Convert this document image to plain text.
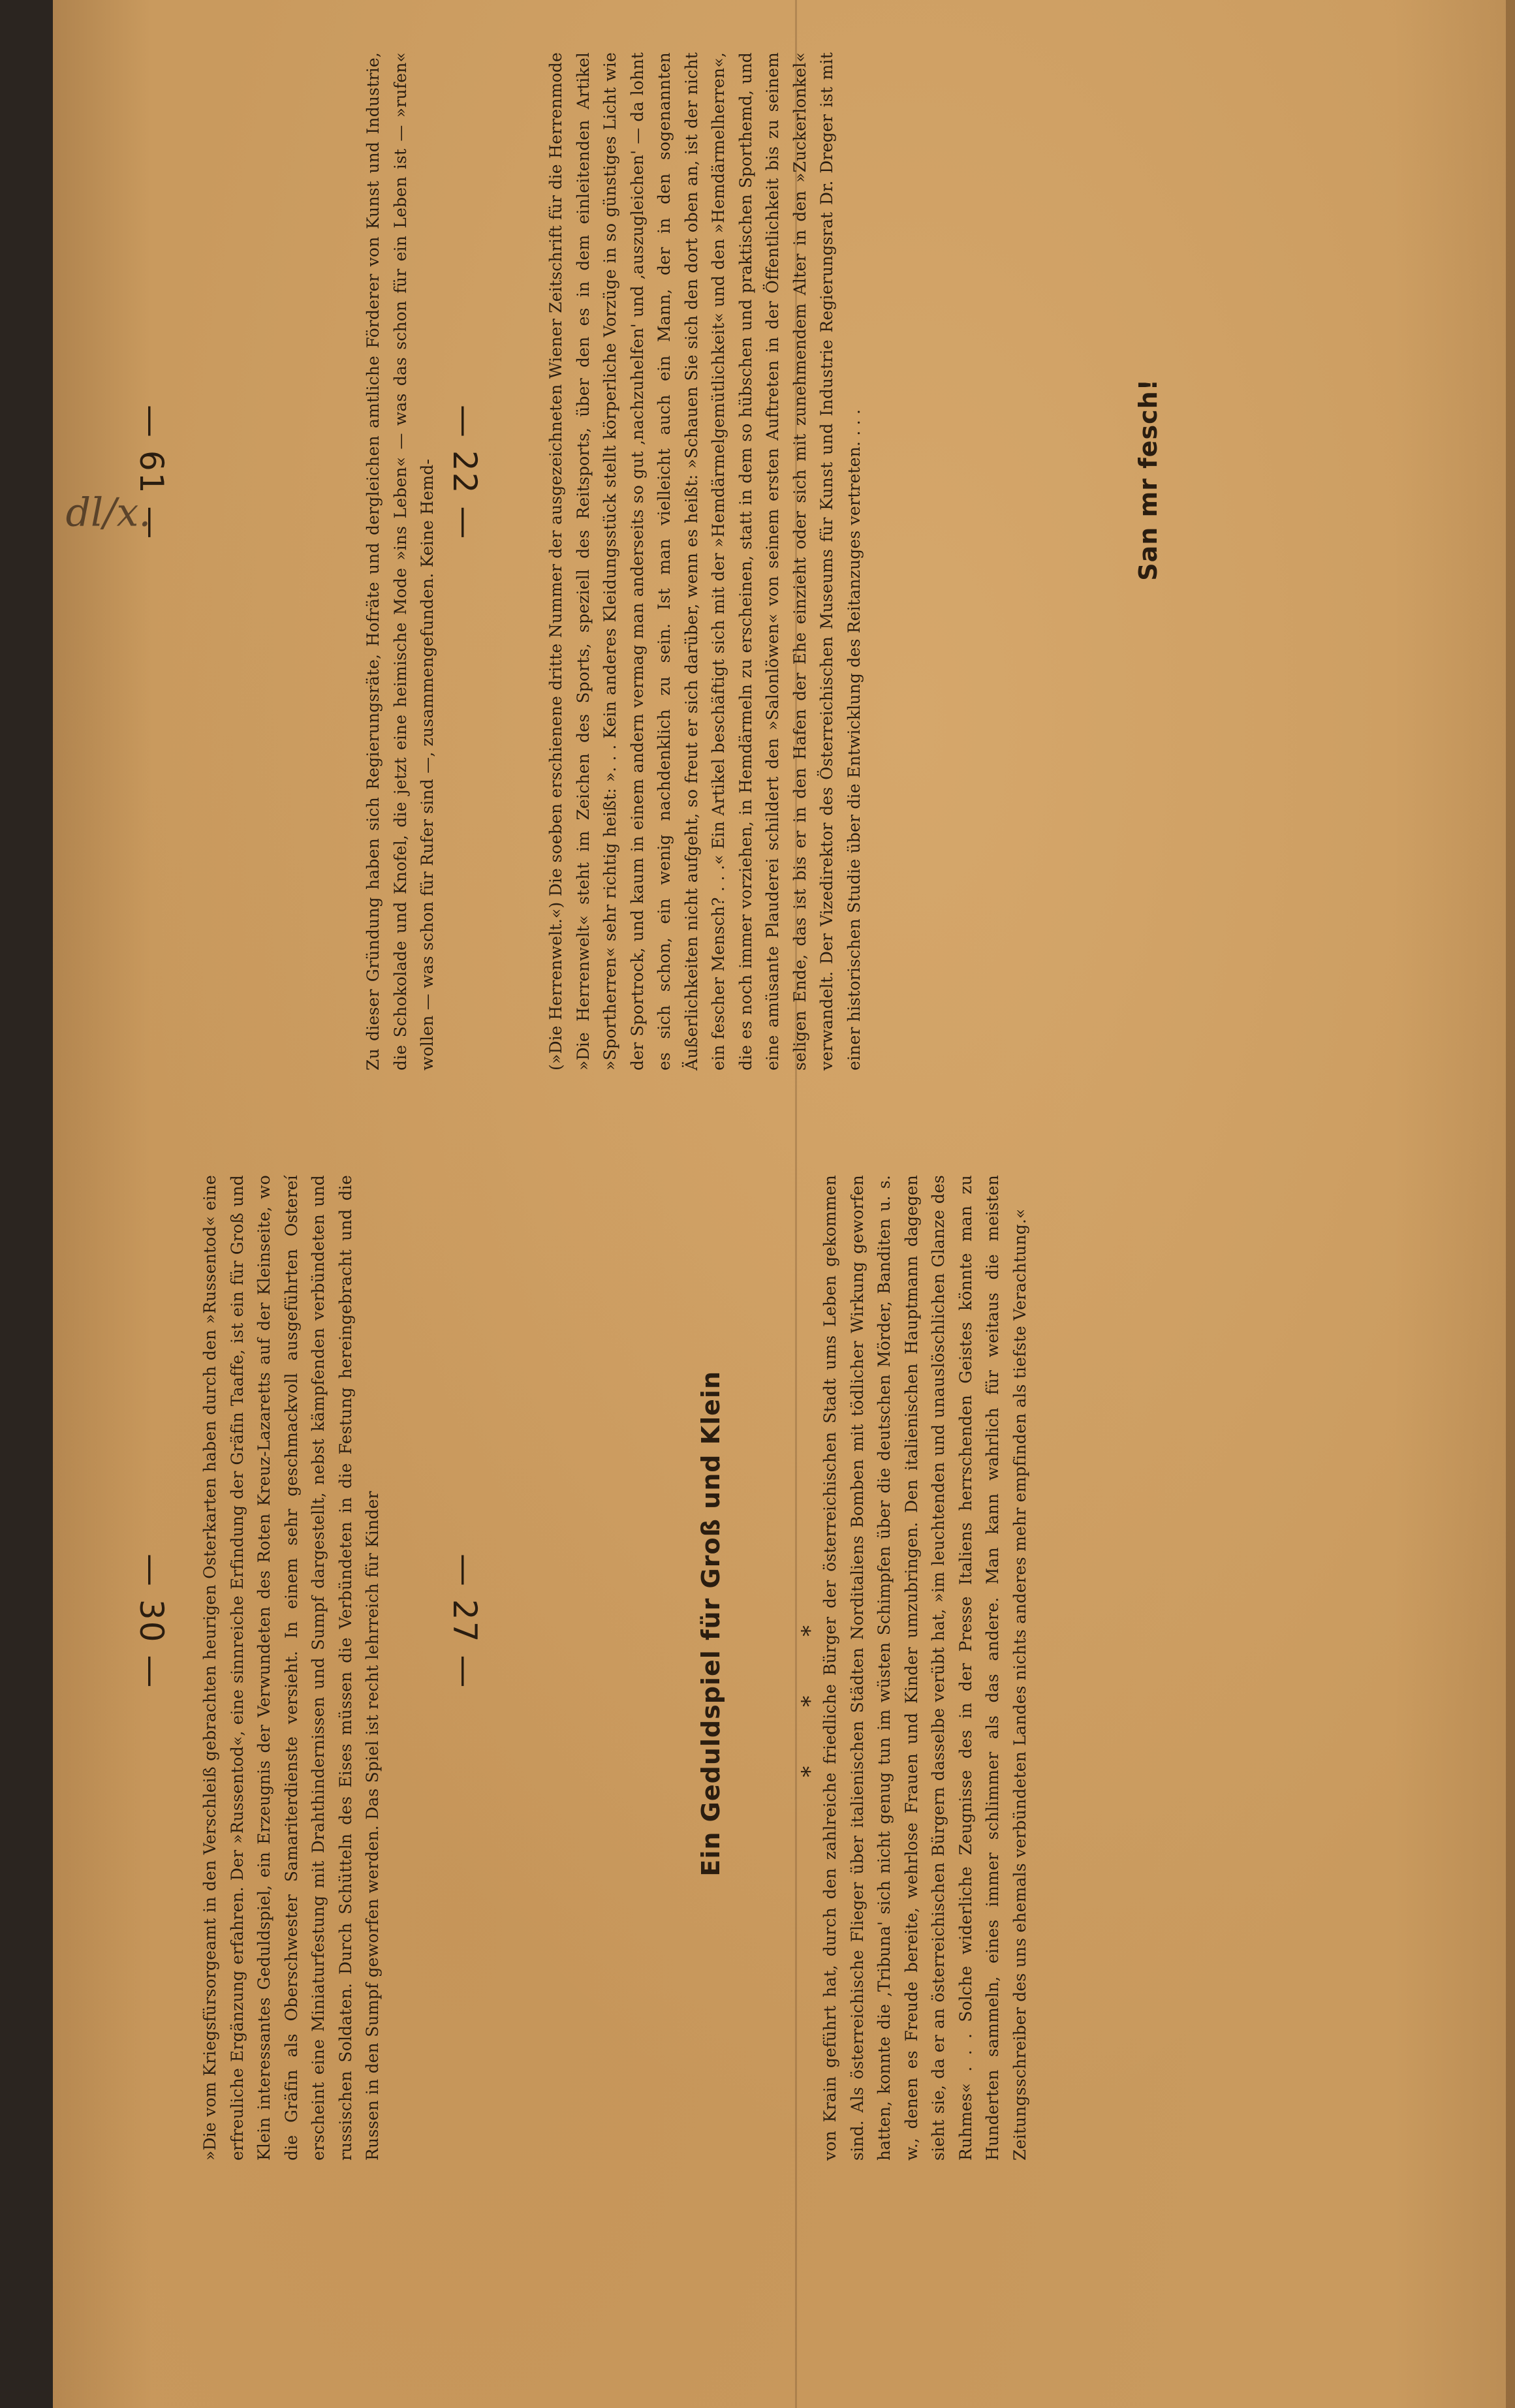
San mr fesch!
(»Die Herrenwelt.«) Die soeben erschienene dritte Nummer der ausgezeichneten Wiener Zeitschrift für die Herrenmode »Die Herrenwelt« steht im Zeichen des Sports, speziell des Reitsports, über den es in dem einleitenden Artikel »Sportherren« sehr richtig heißt: ». . . Kein anderes Kleidungsstück stellt körperliche Vorzüge in so günstiges Licht wie der Sportrock, und kaum in einem andern vermag man anderseits so gut ‚nachzuhelfen' und ‚auszugleichen' — da lohnt es sich schon, ein wenig nachdenklich zu sein. Ist man vielleicht auch ein Mann, der in den sogenannten Äußerlichkeiten nicht aufgeht, so freut er sich darüber, wenn es heißt: »Schauen Sie sich den dort oben an, ist der nicht ein fescher Mensch? . . .« Ein Artikel beschäftigt sich mit der »Hemdärmelgemütlichkeit« und den »Hemdärmelherren«, die es noch immer vorziehen, in Hemdärmeln zu erscheinen, statt in dem so hübschen und praktischen Sporthemd, und eine amüsante Plauderei schildert den »Salonlöwen« von seinem ersten Auftreten in der Öffentlichkeit bis zu seinem seligen Ende, das ist bis er in den Hafen der Ehe einzieht oder sich mit zunehmendem Alter in den »Zuckerlonkel« verwandelt. Der Vizedirektor des Österreichischen Museums für Kunst und Industrie Regierungsrat Dr. Dreger ist mit einer historischen Studie über die Entwicklung des Reitanzuges vertreten. . . .
Zu dieser Gründung haben sich Regierungsräte, Hofräte und dergleichen amtliche Förderer von Kunst und Industrie, die Schokolade und Knofel, die jetzt eine heimische Mode »ins Leben« — was das schon für ein Leben ist — »rufen« wollen — was schon für Rufer sind —, zusammengefunden. Keine Hemd-
von Krain geführt hat, durch den zahlreiche friedliche Bürger der österreichischen Stadt ums Leben gekommen sind. Als österreichische Flieger über italienischen Städten Norditaliens Bomben mit tödlicher Wirkung geworfen hatten, konnte die ‚Tribuna' sich nicht genug tun im wüsten Schimpfen über die deutschen Mörder, Banditen u. s. w., denen es Freude bereite, wehrlose Frauen und Kinder umzubringen. Den italienischen Hauptmann dagegen sieht sie, da er an österreichischen Bürgern dasselbe verübt hat, »im leuchtenden und unauslöschlichen Glanze des Ruhmes« . . . Solche widerliche Zeugnisse des in der Presse Italiens herrschenden Geistes könnte man zu Hunderten sammeln, eines immer schlimmer als das andere. Man kann wahrlich für weitaus die meisten Zeitungsschreiber des uns ehemals verbündeten Landes nichts anderes mehr empfinden als tiefste Verachtung.«
* * *
Ein Geduldspiel für Groß und Klein
»Die vom Kriegsfürsorgeamt in den Verschleiß gebrachten heurigen Osterkarten haben durch den »Russentod« eine erfreuliche Ergänzung erfahren. Der »Russentod«, eine sinnreiche Erfindung der Gräfin Taaffe, ist ein für Groß und Klein interessantes Geduldspiel, ein Erzeugnis der Verwundeten des Roten Kreuz-Lazaretts auf der Kleinseite, wo die Gräfin als Oberschwester Samariterdienste versieht. In einem sehr geschmackvoll ausgeführten Ostereí erscheint eine Miniaturfestung mit Drahthindernissen und Sumpf dargestellt, nebst kämpfenden verbündeten und russischen Soldaten. Durch Schütteln des Eises müssen die Verbündeten in die Festung hereingebracht und die Russen in den Sumpf geworfen werden. Das Spiel ist recht lehrreich für Kinder
— 61 —	— 22 —
— 30 —	— 27 —
dl/x.
